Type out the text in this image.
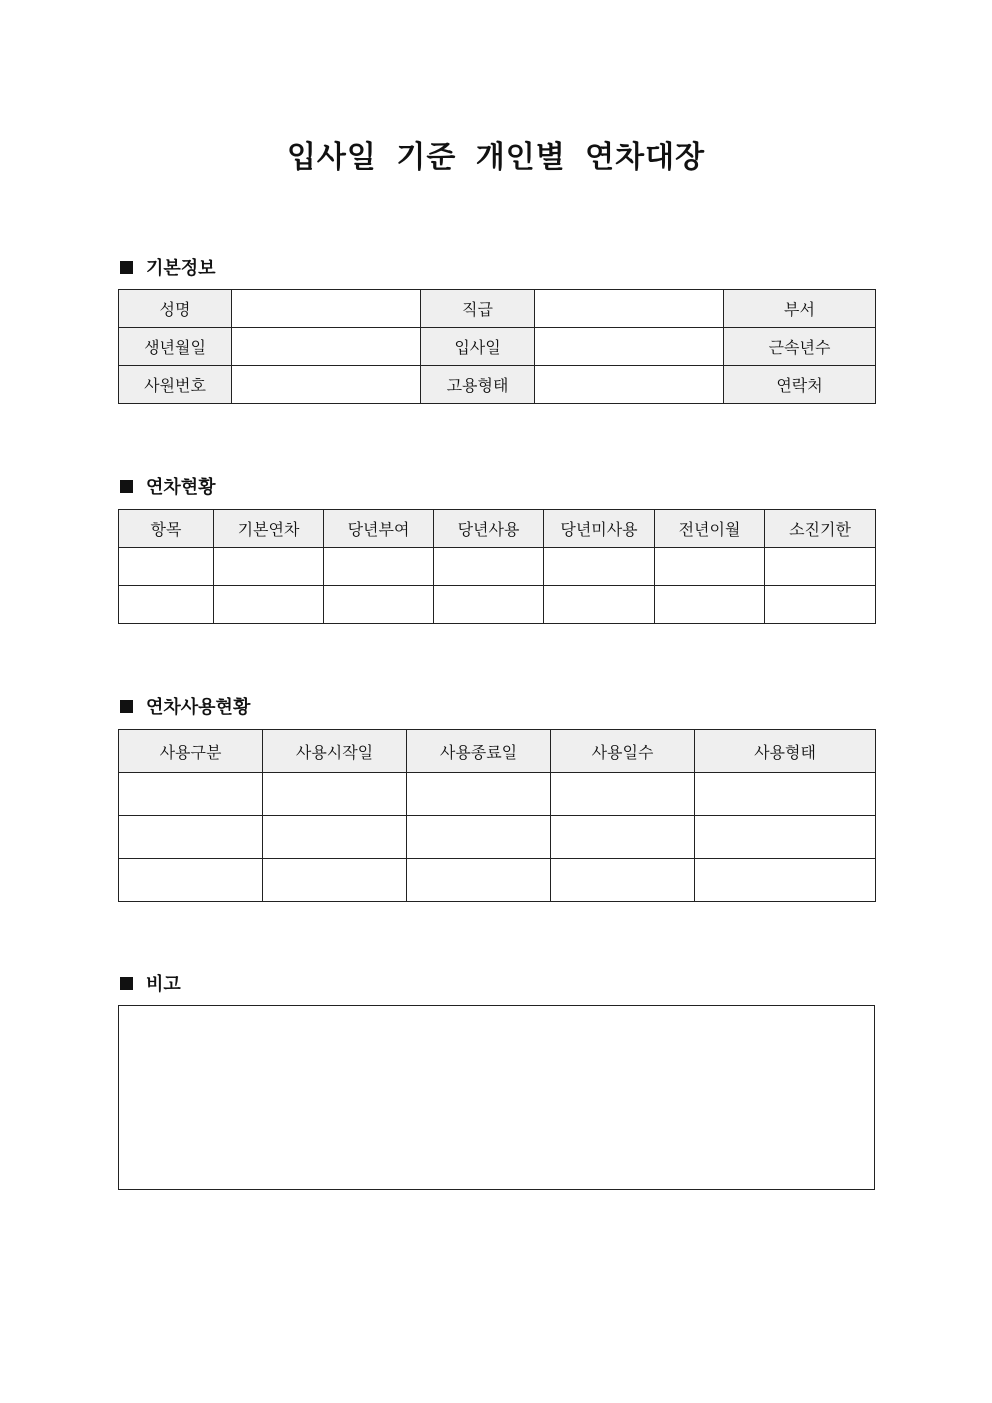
입사일 기준 개인별 연차대장
기본정보
성명		직급		부서
생년월일		입사일		근속년수
사원번호		고용형태		연락처
연차현황
항목	기본연차	당년부여	당년사용	당년미사용	전년이월	소진기한

연차사용현황
사용구분	사용시작일	사용종료일	사용일수	사용형태

비고
